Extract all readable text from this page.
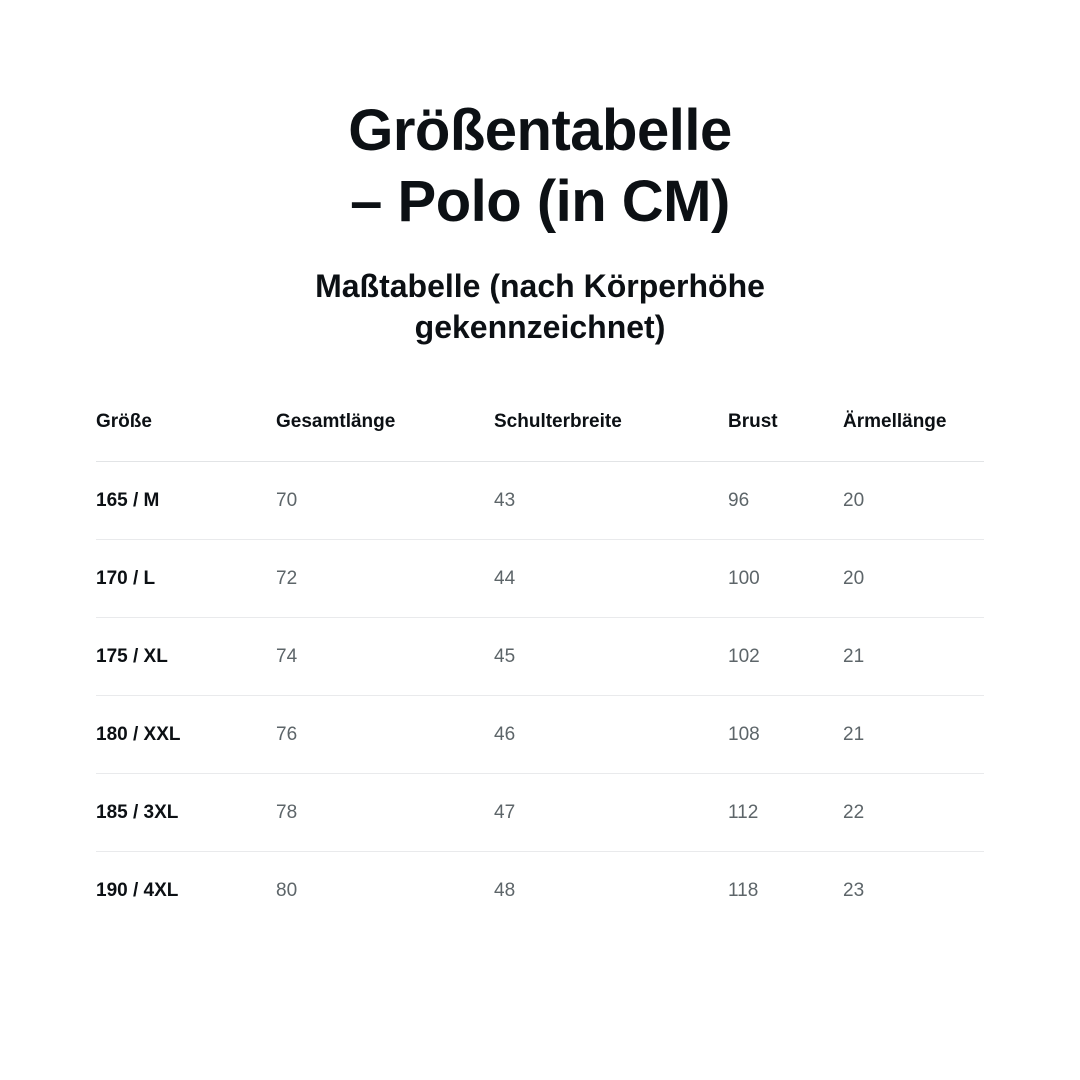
Größentabelle
– Polo (in CM)
Maßtabelle (nach Körperhöhe
gekennzeichnet)
Größe	Gesamtlänge	Schulterbreite	Brust	Ärmellänge
165 / M	70	43	96	20
170 / L	72	44	100	20
175 / XL	74	45	102	21
180 / XXL	76	46	108	21
185 / 3XL	78	47	112	22
190 / 4XL	80	48	118	23
